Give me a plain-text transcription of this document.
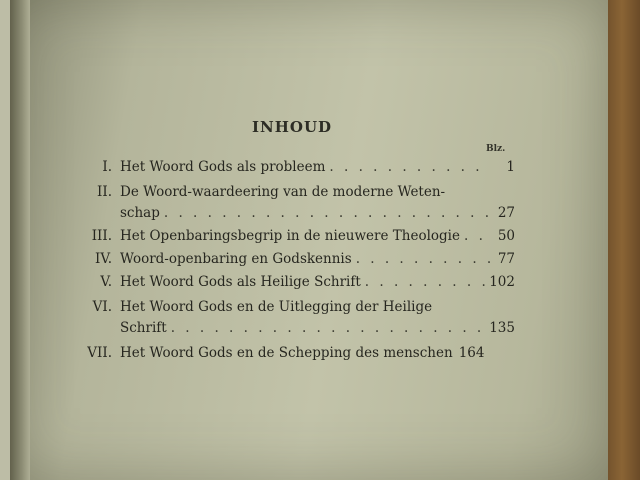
INHOUD
Blz.
I. Het Woord Gods als probleem . . .	1
II. De Woord-waardeering van de moderne Weten-
schap . . .	27
III. Het Openbaringsbegrip in de nieuwere Theologie . . .	50
IV. Woord-openbaring en Godskennis . . .	77
V. Het Woord Gods als Heilige Schrift . . .	102
VI. Het Woord Gods en de Uitlegging der Heilige
Schrift . . .	135
VII. Het Woord Gods en de Schepping des menschen 164
